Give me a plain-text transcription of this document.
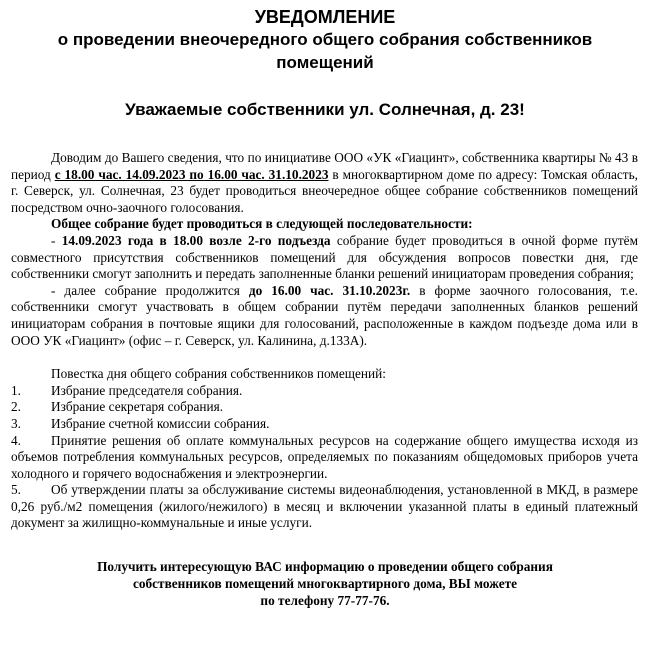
УВЕДОМЛЕНИЕ
о проведении внеочередного общего собрания собственников
помещений
Уважаемые собственники ул. Солнечная, д. 23!

Доводим до Вашего сведения, что по инициативе ООО «УК «Гиацинт», собственника квартиры № 43 в период с 18.00 час. 14.09.2023 по 16.00 час. 31.10.2023 в многоквартирном доме по адресу: Томская область, г. Северск, ул. Солнечная, 23 будет проводиться внеочередное общее собрание собственников помещений посредством очно-заочного голосования.

Общее собрание будет проводиться в следующей последовательности:

- 14.09.2023 года в 18.00 возле 2-го подъезда собрание будет проводиться в очной форме путём совместного присутствия собственников помещений для обсуждения вопросов повестки дня, где собственники смогут заполнить и передать заполненные бланки решений инициаторам проведения собрания;

- далее собрание продолжится до 16.00 час. 31.10.2023г. в форме заочного голосования, т.е. собственники смогут участвовать в общем собрании путём передачи заполненных бланков решений инициаторам собрания в почтовые ящики для голосований, расположенные в каждом подъезде дома или в ООО УК «Гиацинт» (офис – г. Северск, ул. Калинина, д.133А).

Повестка дня общего собрания собственников помещений:

1. Избрание председателя собрания.
2. Избрание секретаря собрания.
3. Избрание счетной комиссии собрания.
4. Принятие решения об оплате коммунальных ресурсов на содержание общего имущества исходя из объемов потребления коммунальных ресурсов, определяемых по показаниям общедомовых приборов учета холодного и горячего водоснабжения и электроэнергии.
5. Об утверждении платы за обслуживание системы видеонаблюдения, установленной в МКД, в размере 0,26 руб./м2 помещения (жилого/нежилого) в месяц и включении указанной платы в единый платежный документ за жилищно-коммунальные и иные услуги.
Получить интересующую ВАС информацию о проведении общего собрания
собственников помещений многоквартирного дома, ВЫ можете
по телефону 77-77-76.
